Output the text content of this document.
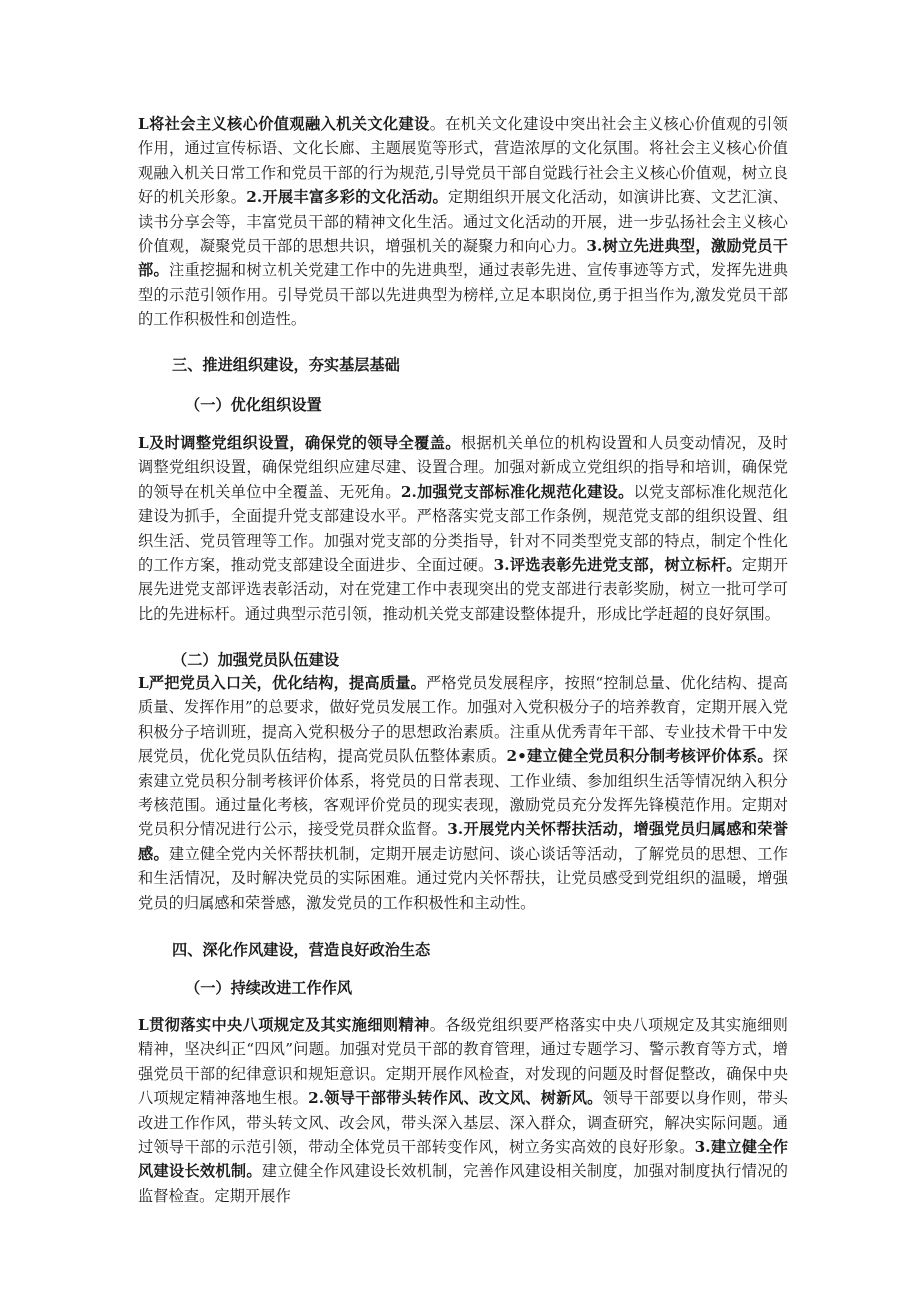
L将社会主义核心价值观融入机关文化建设。在机关文化建设中突出社会主义核心价值观的引领作用，通过宣传标语、文化长廊、主题展览等形式，营造浓厚的文化氛围。将社会主义核心价值观融入机关日常工作和党员干部的行为规范,引导党员干部自觉践行社会主义核心价值观，树立良好的机关形象。2.开展丰富多彩的文化活动。定期组织开展文化活动，如演讲比赛、文艺汇演、读书分享会等，丰富党员干部的精神文化生活。通过文化活动的开展，进一步弘扬社会主义核心价值观，凝聚党员干部的思想共识，增强机关的凝聚力和向心力。3.树立先进典型，激励党员干部。注重挖掘和树立机关党建工作中的先进典型，通过表彰先进、宣传事迹等方式，发挥先进典型的示范引领作用。引导党员干部以先进典型为榜样,立足本职岗位,勇于担当作为,激发党员干部的工作积极性和创造性。

三、推进组织建设，夯实基层基础
（一）优化组织设置

L及时调整党组织设置，确保党的领导全覆盖。根据机关单位的机构设置和人员变动情况，及时调整党组织设置，确保党组织应建尽建、设置合理。加强对新成立党组织的指导和培训，确保党的领导在机关单位中全覆盖、无死角。2.加强党支部标准化规范化建设。以党支部标准化规范化建设为抓手，全面提升党支部建设水平。严格落实党支部工作条例，规范党支部的组织设置、组织生活、党员管理等工作。加强对党支部的分类指导，针对不同类型党支部的特点，制定个性化的工作方案，推动党支部建设全面进步、全面过硬。3.评选表彰先进党支部，树立标杆。定期开展先进党支部评选表彰活动，对在党建工作中表现突出的党支部进行表彰奖励，树立一批可学可比的先进标杆。通过典型示范引领，推动机关党支部建设整体提升，形成比学赶超的良好氛围。

（二）加强党员队伍建设

L严把党员入口关，优化结构，提高质量。严格党员发展程序，按照“控制总量、优化结构、提高质量、发挥作用”的总要求，做好党员发展工作。加强对入党积极分子的培养教育，定期开展入党积极分子培训班，提高入党积极分子的思想政治素质。注重从优秀青年干部、专业技术骨干中发展党员，优化党员队伍结构，提高党员队伍整体素质。2•建立健全党员积分制考核评价体系。探索建立党员积分制考核评价体系，将党员的日常表现、工作业绩、参加组织生活等情况纳入积分考核范围。通过量化考核，客观评价党员的现实表现，激励党员充分发挥先锋模范作用。定期对党员积分情况进行公示，接受党员群众监督。3.开展党内关怀帮扶活动，增强党员归属感和荣誉感。建立健全党内关怀帮扶机制，定期开展走访慰问、谈心谈话等活动，了解党员的思想、工作和生活情况，及时解决党员的实际困难。通过党内关怀帮扶，让党员感受到党组织的温暖，增强党员的归属感和荣誉感，激发党员的工作积极性和主动性。

四、深化作风建设，营造良好政治生态
（一）持续改进工作作风

L贯彻落实中央八项规定及其实施细则精神。各级党组织要严格落实中央八项规定及其实施细则精神，坚决纠正“四风”问题。加强对党员干部的教育管理，通过专题学习、警示教育等方式，增强党员干部的纪律意识和规矩意识。定期开展作风检查，对发现的问题及时督促整改，确保中央八项规定精神落地生根。2.领导干部带头转作风、改文风、树新风。领导干部要以身作则，带头改进工作作风，带头转文风、改会风，带头深入基层、深入群众，调查研究，解决实际问题。通过领导干部的示范引领，带动全体党员干部转变作风，树立务实高效的良好形象。3.建立健全作风建设长效机制。建立健全作风建设长效机制，完善作风建设相关制度，加强对制度执行情况的监督检查。定期开展作
